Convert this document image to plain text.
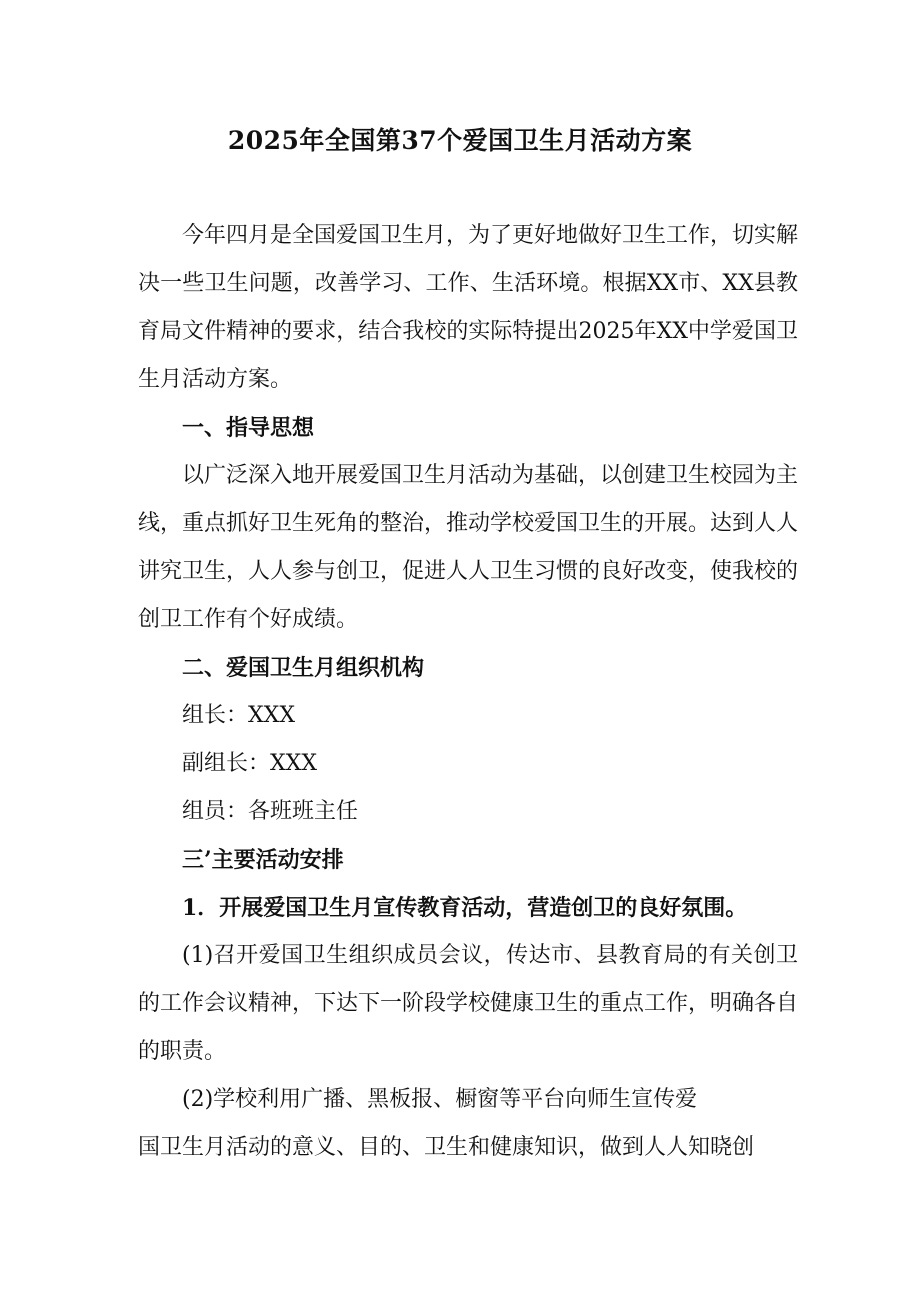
2025年全国第37个爱国卫生月活动方案

今年四月是全国爱国卫生月，为了更好地做好卫生工作，切实解决一些卫生问题，改善学习、工作、生活环境。根据XX市、XX县教育局文件精神的要求，结合我校的实际特提出2025年XX中学爱国卫生月活动方案。

一、指导思想

以广泛深入地开展爱国卫生月活动为基础，以创建卫生校园为主线，重点抓好卫生死角的整治，推动学校爱国卫生的开展。达到人人讲究卫生，人人参与创卫，促进人人卫生习惯的良好改变，使我校的创卫工作有个好成绩。

二、爱国卫生月组织机构

组长：XXX

副组长：XXX

组员：各班班主任

三’主要活动安排

1．开展爱国卫生月宣传教育活动，营造创卫的良好氛围。

(1)召开爱国卫生组织成员会议，传达市、县教育局的有关创卫的工作会议精神，下达下一阶段学校健康卫生的重点工作，明确各自的职责。

(2)学校利用广播、黑板报、橱窗等平台向师生宣传爱

国卫生月活动的意义、目的、卫生和健康知识，做到人人知晓创
